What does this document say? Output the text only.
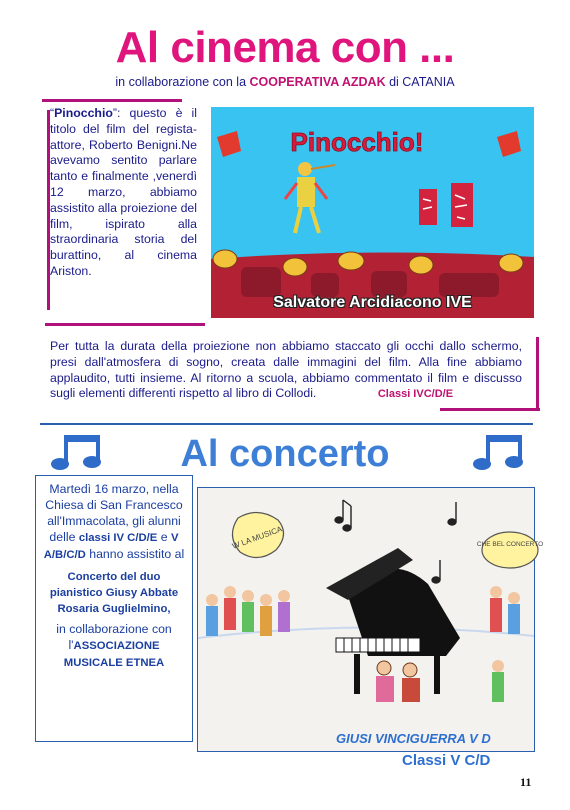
Al cinema con ...
in collaborazione con la COOPERATIVA AZDAK di CATANIA
“Pinocchio”: questo è il titolo del film del regista-attore, Roberto Benigni.Ne avevamo sentito parlare tanto e finalmente ,venerdì 12 marzo, abbiamo assistito alla proiezione del film, ispirato alla straordinaria storia del burattino, al cinema Ariston.
Pinocchio!
Salvatore Arcidiacono IVE
Per tutta la durata della proiezione non abbiamo staccato gli occhi dallo schermo, presi dall'atmosfera di sogno, creata dalle immagini del film. Alla fine abbiamo applaudito, tutti insieme. Al ritorno a scuola, abbiamo commentato il film e discusso sugli elementi differenti rispetto al libro di Collodi.	Classi IVC/D/E
Al concerto
Martedì 16 marzo, nella Chiesa di San Francesco all'Immacolata, gli alunni delle classi IV C/D/E e V A/B/C/D hanno assistito al
Concerto del duo pianistico Giusy Abbate Rosaria Guglielmino,
in collaborazione con l'ASSOCIAZIONE MUSICALE ETNEA
W LA MUSICA	CHE BEL CONCERTO
GIUSI VINCIGUERRA V D
Classi V C/D
11
